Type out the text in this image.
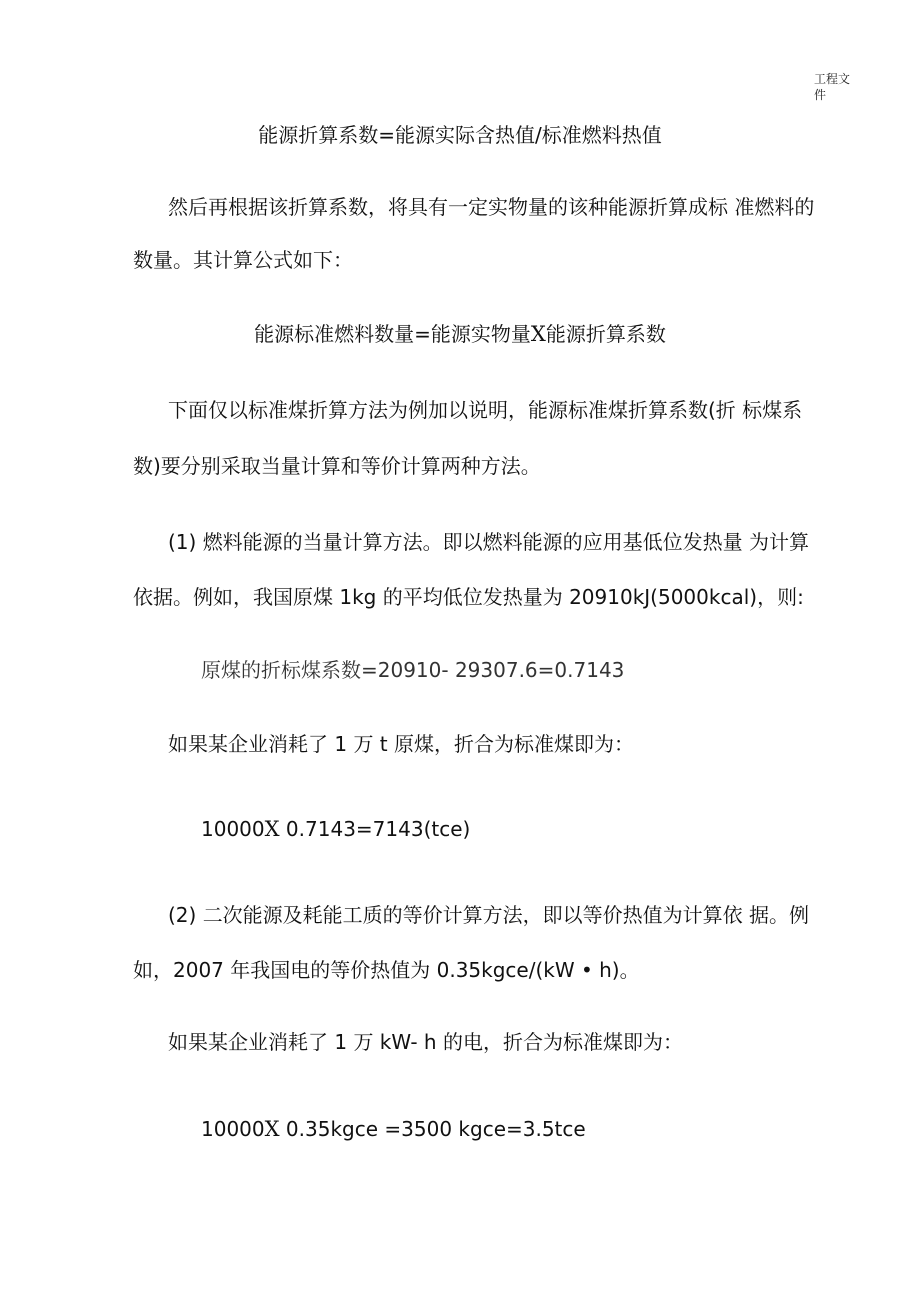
工程文件
能源折算系数=能源实际含热值/标准燃料热值
然后再根据该折算系数，将具有一定实物量的该种能源折算成标 准燃料的
数量。其计算公式如下：
能源标准燃料数量=能源实物量X能源折算系数
下面仅以标准煤折算方法为例加以说明，能源标准煤折算系数(折 标煤系
数)要分别采取当量计算和等价计算两种方法。
(1) 燃料能源的当量计算方法。即以燃料能源的应用基低位发热量 为计算
依据。例如，我国原煤 1kg 的平均低位发热量为 20910kJ(5000kcal)，则:
原煤的折标煤系数=20910- 29307.6=0.7143
如果某企业消耗了 1 万 t 原煤，折合为标准煤即为：
10000X 0.7143=7143(tce)
(2) 二次能源及耗能工质的等价计算方法，即以等价热值为计算依 据。例
如，2007 年我国电的等价热值为 0.35kgce/(kW • h)。
如果某企业消耗了 1 万 kW- h 的电，折合为标准煤即为：
10000X 0.35kgce =3500 kgce=3.5tce
